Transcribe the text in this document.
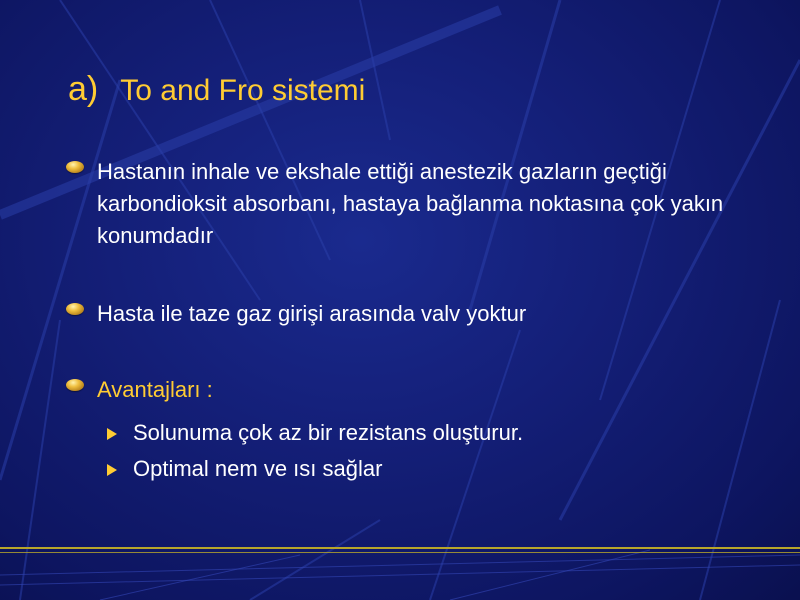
a) To and Fro sistemi
Hastanın inhale ve ekshale ettiği anestezik gazların geçtiği karbondioksit absorbanı, hastaya bağlanma noktasına çok yakın konumdadır
Hasta ile taze gaz girişi arasında valv yoktur
Avantajları :
Solunuma çok az bir rezistans oluşturur.
Optimal nem ve ısı sağlar
